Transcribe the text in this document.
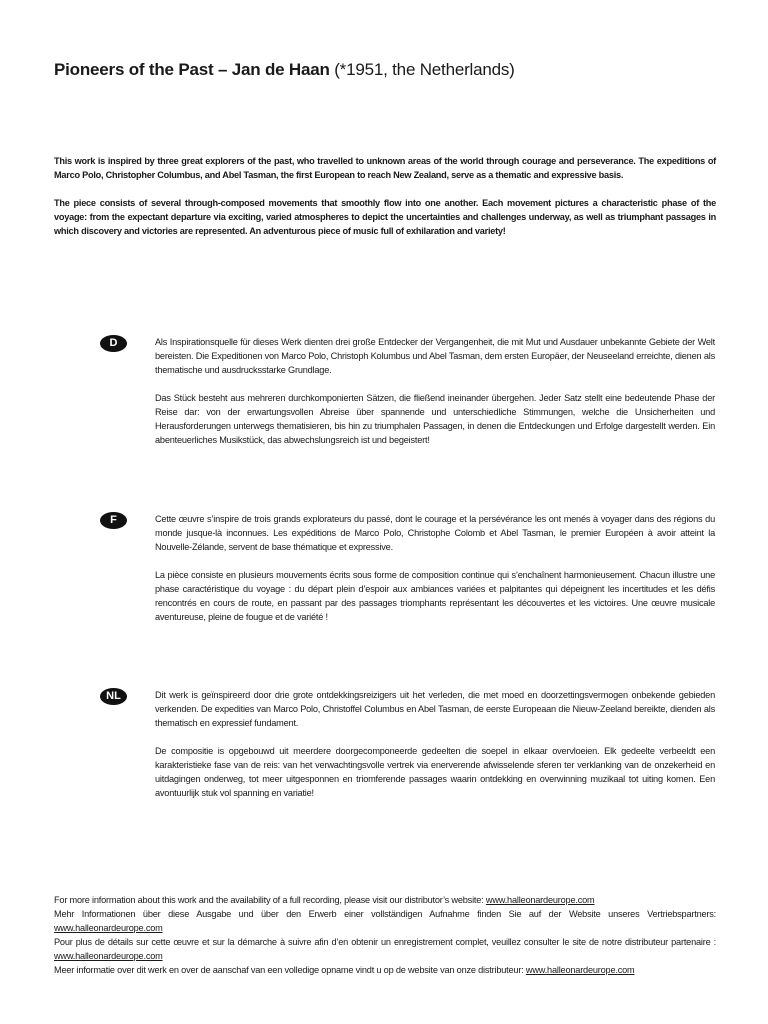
Pioneers of the Past – Jan de Haan (*1951, the Netherlands)

This work is inspired by three great explorers of the past, who travelled to unknown areas of the world through courage and perseverance. The expeditions of Marco Polo, Christopher Columbus, and Abel Tasman, the first European to reach New Zealand, serve as a thematic and expressive basis.

The piece consists of several through-composed movements that smoothly flow into one another. Each movement pictures a characteristic phase of the voyage: from the expectant departure via exciting, varied atmospheres to depict the uncertainties and challenges underway, as well as triumphant passages in which discovery and victories are represented. An adventurous piece of music full of exhilaration and variety!

D	Als Inspirationsquelle für dieses Werk dienten drei große Entdecker der Vergangenheit, die mit Mut und Ausdauer unbekannte Gebiete der Welt bereisten. Die Expeditionen von Marco Polo, Christoph Kolumbus und Abel Tasman, dem ersten Europäer, der Neuseeland erreichte, dienen als thematische und ausdrucksstarke Grundlage.

Das Stück besteht aus mehreren durchkomponierten Sätzen, die fließend ineinander übergehen. Jeder Satz stellt eine bedeutende Phase der Reise dar: von der erwartungsvollen Abreise über spannende und unterschiedliche Stimmungen, welche die Unsicherheiten und Herausforderungen unterwegs thematisieren, bis hin zu triumphalen Passagen, in denen die Entdeckungen und Erfolge dargestellt werden. Ein abenteuerliches Musikstück, das abwechslungsreich ist und begeistert!

F	Cette œuvre s’inspire de trois grands explorateurs du passé, dont le courage et la persévérance les ont menés à voyager dans des régions du monde jusque-là inconnues. Les expéditions de Marco Polo, Christophe Colomb et Abel Tasman, le premier Européen à avoir atteint la Nouvelle-Zélande, servent de base thématique et expressive.

La pièce consiste en plusieurs mouvements écrits sous forme de composition continue qui s’enchaînent harmonieusement. Chacun illustre une phase caractéristique du voyage : du départ plein d’espoir aux ambiances variées et palpitantes qui dépeignent les incertitudes et les défis rencontrés en cours de route, en passant par des passages triomphants représentant les découvertes et les victoires. Une œuvre musicale aventureuse, pleine de fougue et de variété !

NL	Dit werk is geïnspireerd door drie grote ontdekkingsreizigers uit het verleden, die met moed en doorzettingsvermogen onbekende gebieden verkenden. De expedities van Marco Polo, Christoffel Columbus en Abel Tasman, de eerste Europeaan die Nieuw-Zeeland bereikte, dienden als thematisch en expressief fundament.

De compositie is opgebouwd uit meerdere doorgecomponeerde gedeelten die soepel in elkaar overvloeien. Elk gedeelte verbeeldt een karakteristieke fase van de reis: van het verwachtingsvolle vertrek via enerverende afwisselende sferen ter verklanking van de onzekerheid en uitdagingen onderweg, tot meer uitgesponnen en triomferende passages waarin ontdekking en overwinning muzikaal tot uiting komen. Een avontuurlijk stuk vol spanning en variatie!

For more information about this work and the availability of a full recording, please visit our distributor’s website: www.halleonardeurope.com
Mehr Informationen über diese Ausgabe und über den Erwerb einer vollständigen Aufnahme finden Sie auf der Website unseres Vertriebspartners: www.halleonardeurope.com
Pour plus de détails sur cette œuvre et sur la démarche à suivre afin d’en obtenir un enregistrement complet, veuillez consulter le site de notre distributeur partenaire : www.halleonardeurope.com
Meer informatie over dit werk en over de aanschaf van een volledige opname vindt u op de website van onze distributeur: www.halleonardeurope.com
